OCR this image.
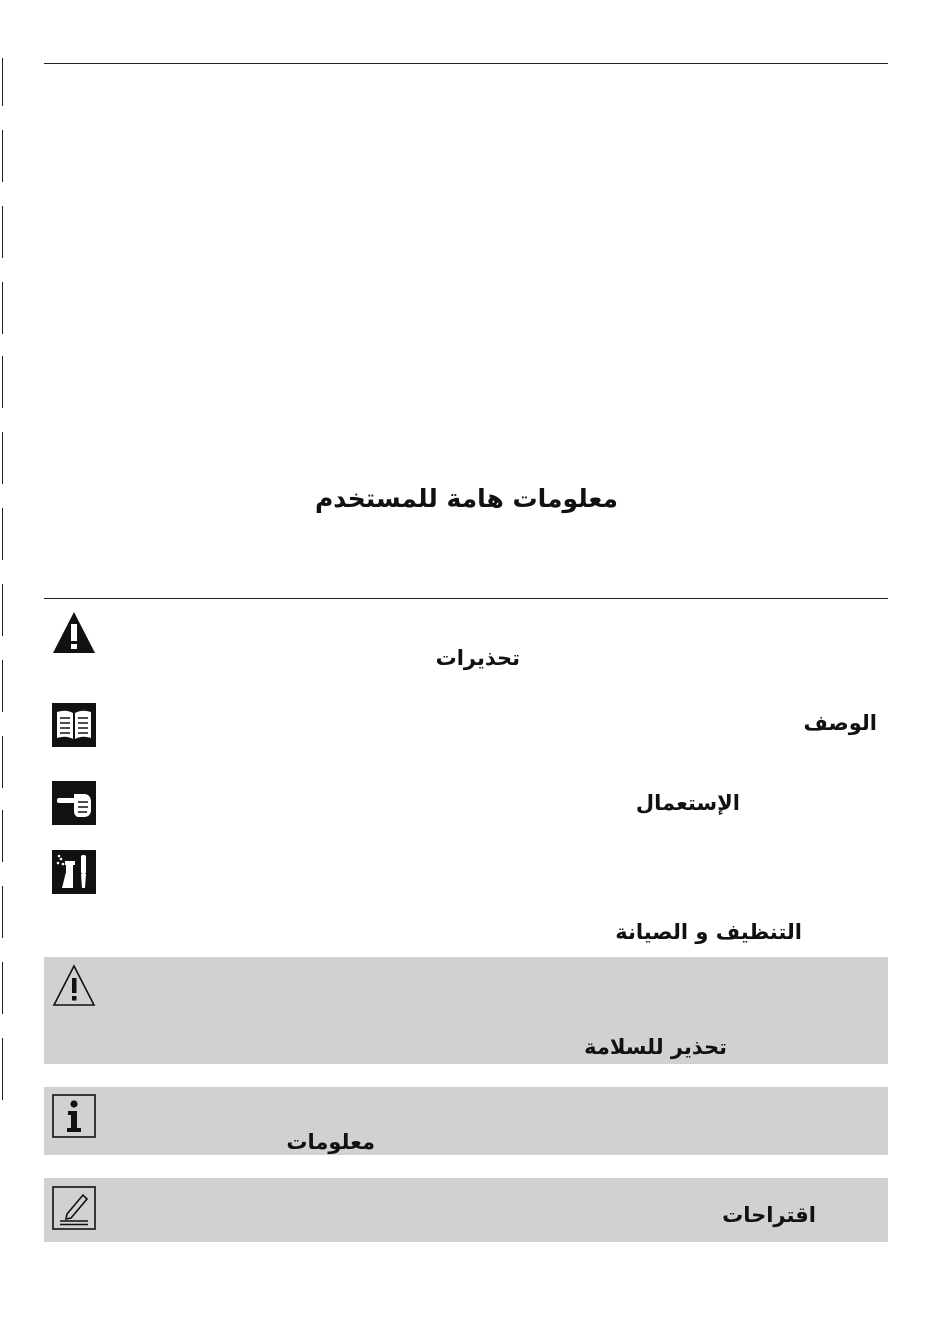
معلومات هامة للمستخدم
تحذيرات
الوصف
الإستعمال
التنظيف و الصيانة
تحذير للسلامة
معلومات
اقتراحات
